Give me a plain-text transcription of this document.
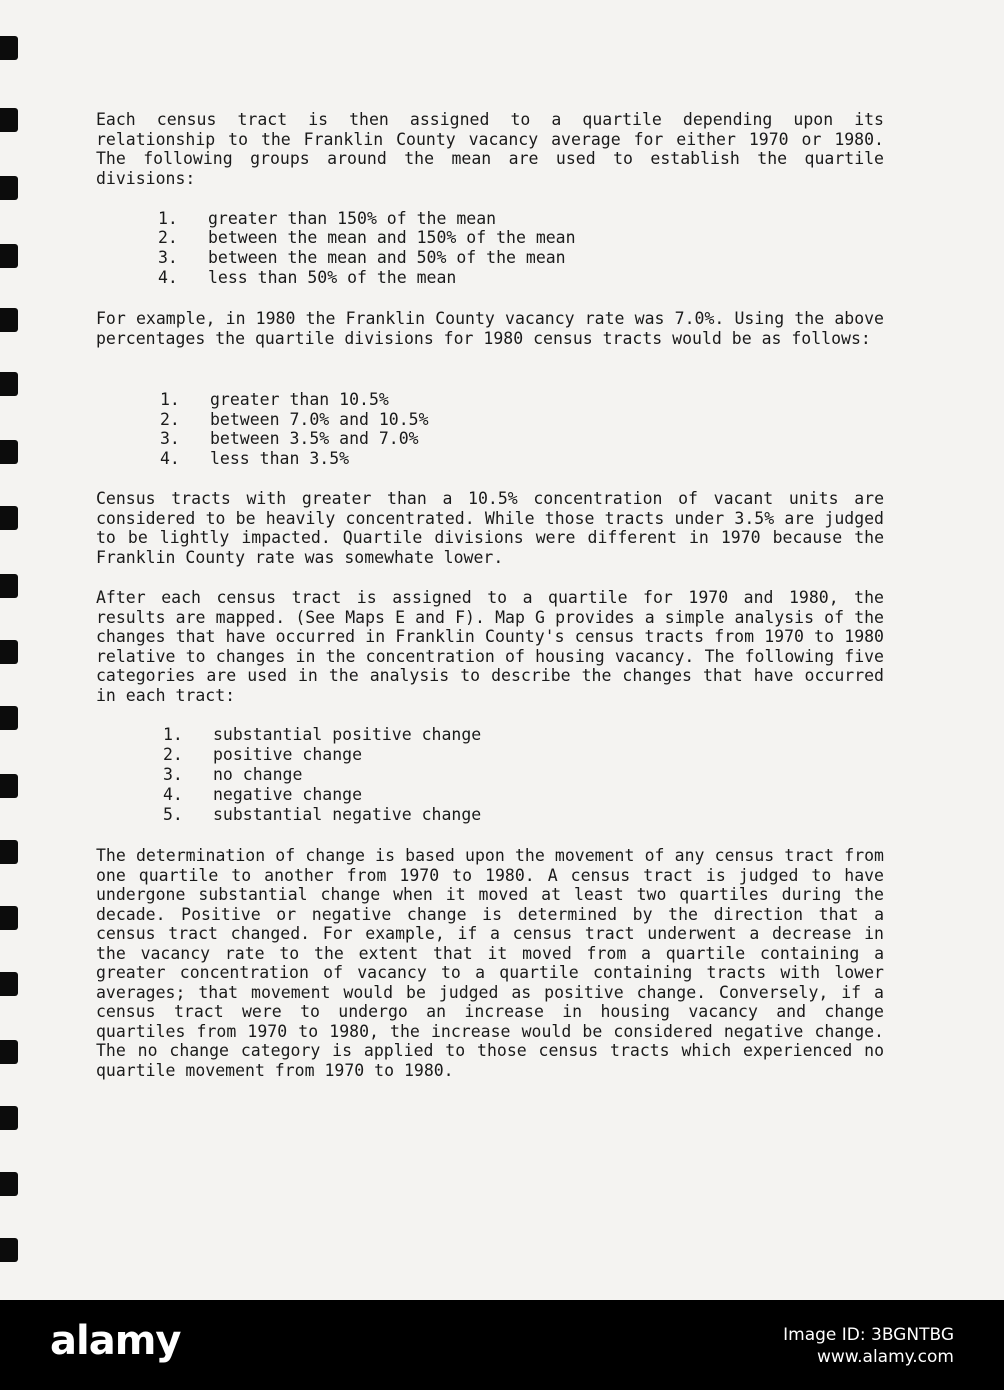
Each census tract is then assigned to a quartile depending upon its relationship to the Franklin County vacancy average for either 1970 or 1980. The following groups around the mean are used to establish the quartile divisions:

1. greater than 150% of the mean
2. between the mean and 150% of the mean
3. between the mean and 50% of the mean
4. less than 50% of the mean

For example, in 1980 the Franklin County vacancy rate was 7.0%. Using the above percentages the quartile divisions for 1980 census tracts would be as follows:

1. greater than 10.5%
2. between 7.0% and 10.5%
3. between 3.5% and 7.0%
4. less than 3.5%

Census tracts with greater than a 10.5% concentration of vacant units are considered to be heavily concentrated. While those tracts under 3.5% are judged to be lightly impacted. Quartile divisions were different in 1970 because the Franklin County rate was somewhate lower.

After each census tract is assigned to a quartile for 1970 and 1980, the results are mapped. (See Maps E and F). Map G provides a simple analysis of the changes that have occurred in Franklin County's census tracts from 1970 to 1980 relative to changes in the concentration of housing vacancy. The following five categories are used in the analysis to describe the changes that have occurred in each tract:

1. substantial positive change
2. positive change
3. no change
4. negative change
5. substantial negative change

The determination of change is based upon the movement of any census tract from one quartile to another from 1970 to 1980. A census tract is judged to have undergone substantial change when it moved at least two quartiles during the decade. Positive or negative change is determined by the direction that a census tract changed. For example, if a census tract underwent a decrease in the vacancy rate to the extent that it moved from a quartile containing a greater concentration of vacancy to a quartile containing tracts with lower averages; that movement would be judged as positive change. Conversely, if a census tract were to undergo an increase in housing vacancy and change quartiles from 1970 to 1980, the increase would be considered negative change. The no change category is applied to those census tracts which experienced no quartile movement from 1970 to 1980.

alamy	Image ID: 3BGNTBG
www.alamy.com
